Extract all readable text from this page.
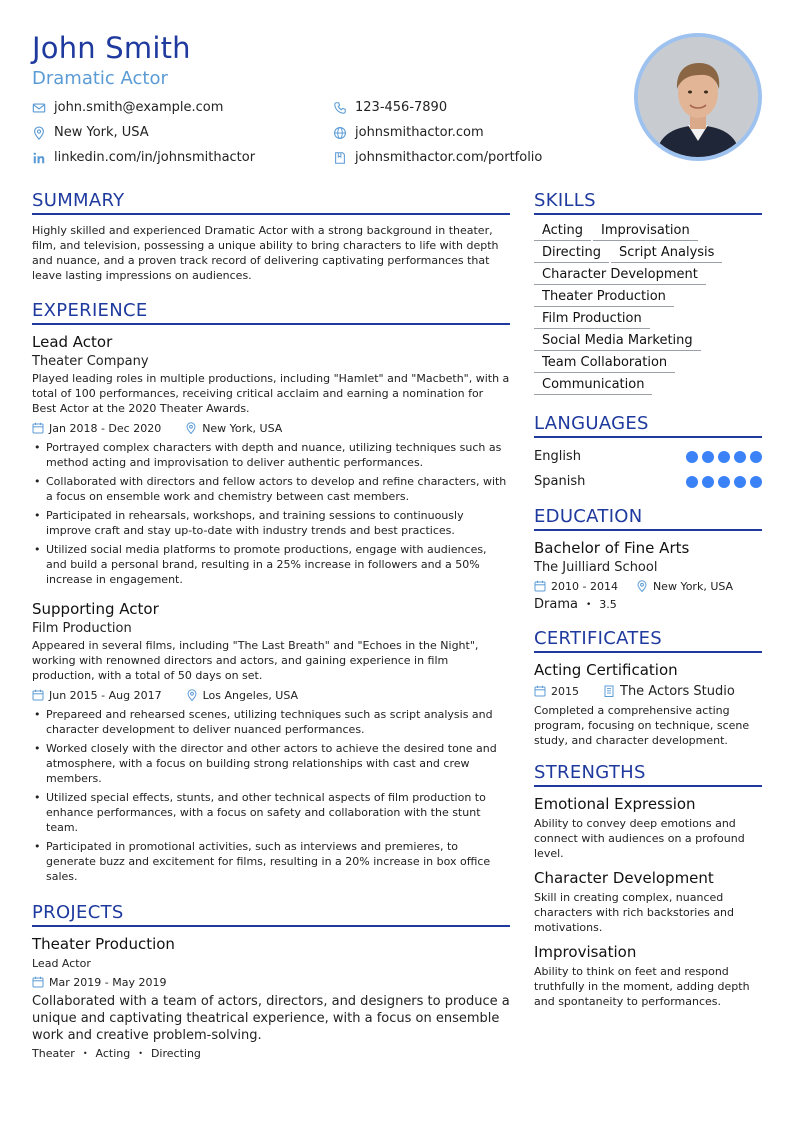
John Smith
Dramatic Actor
john.smith@example.com	123-456-7890
New York, USA	johnsmithactor.com
linkedin.com/in/johnsmithactor	johnsmithactor.com/portfolio
SUMMARY
Highly skilled and experienced Dramatic Actor with a strong background in theater, film, and television, possessing a unique ability to bring characters to life with depth and nuance, and a proven track record of delivering captivating performances that leave lasting impressions on audiences.
EXPERIENCE
Lead Actor
Theater Company
Played leading roles in multiple productions, including "Hamlet" and "Macbeth", with a total of 100 performances, receiving critical acclaim and earning a nomination for Best Actor at the 2020 Theater Awards.
Jan 2018 - Dec 2020	New York, USA
• Portrayed complex characters with depth and nuance, utilizing techniques such as method acting and improvisation to deliver authentic performances.
• Collaborated with directors and fellow actors to develop and refine characters, with a focus on ensemble work and chemistry between cast members.
• Participated in rehearsals, workshops, and training sessions to continuously improve craft and stay up-to-date with industry trends and best practices.
• Utilized social media platforms to promote productions, engage with audiences, and build a personal brand, resulting in a 25% increase in followers and a 50% increase in engagement.
Supporting Actor
Film Production
Appeared in several films, including "The Last Breath" and "Echoes in the Night", working with renowned directors and actors, and gaining experience in film production, with a total of 50 days on set.
Jun 2015 - Aug 2017	Los Angeles, USA
• Prepareed and rehearsed scenes, utilizing techniques such as script analysis and character development to deliver nuanced performances.
• Worked closely with the director and other actors to achieve the desired tone and atmosphere, with a focus on building strong relationships with cast and crew members.
• Utilized special effects, stunts, and other technical aspects of film production to enhance performances, with a focus on safety and collaboration with the stunt team.
• Participated in promotional activities, such as interviews and premieres, to generate buzz and excitement for films, resulting in a 20% increase in box office sales.
PROJECTS
Theater Production
Lead Actor
Mar 2019 - May 2019
Collaborated with a team of actors, directors, and designers to produce a unique and captivating theatrical experience, with a focus on ensemble work and creative problem-solving.
Theater • Acting • Directing
SKILLS
Acting	Improvisation
Directing	Script Analysis
Character Development
Theater Production
Film Production
Social Media Marketing
Team Collaboration
Communication
LANGUAGES
English
Spanish
EDUCATION
Bachelor of Fine Arts
The Juilliard School
2010 - 2014	New York, USA
Drama • 3.5
CERTIFICATES
Acting Certification
2015	The Actors Studio
Completed a comprehensive acting program, focusing on technique, scene study, and character development.
STRENGTHS
Emotional Expression
Ability to convey deep emotions and connect with audiences on a profound level.
Character Development
Skill in creating complex, nuanced characters with rich backstories and motivations.
Improvisation
Ability to think on feet and respond truthfully in the moment, adding depth and spontaneity to performances.
